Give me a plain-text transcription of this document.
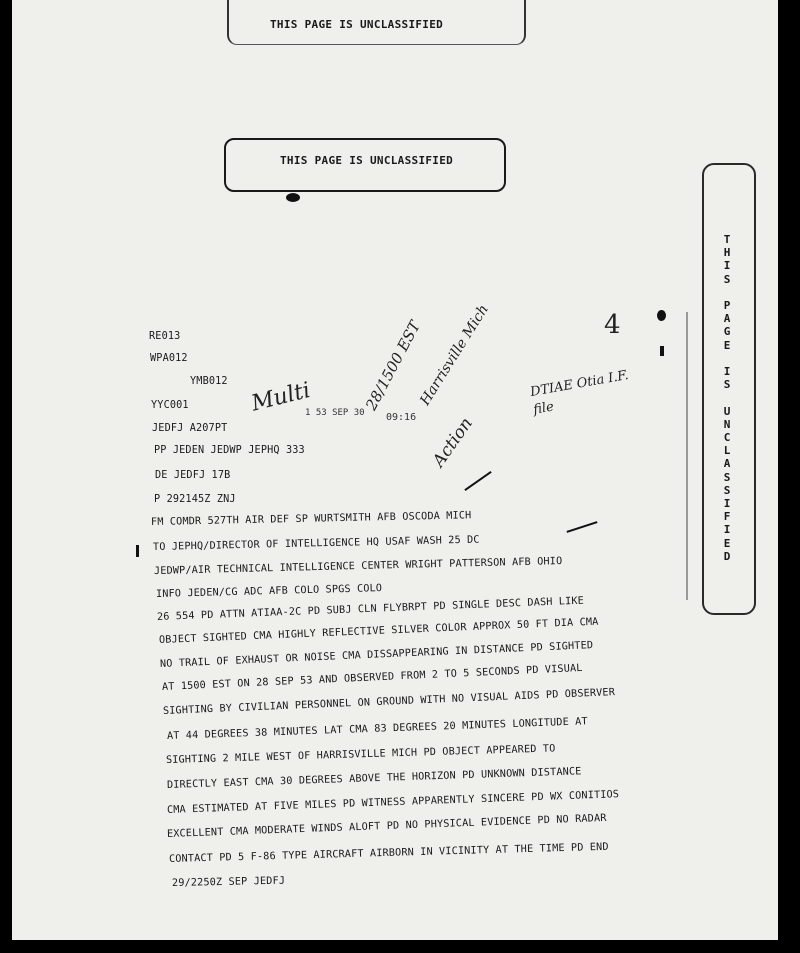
THIS PAGE IS UNCLASSIFIED
THIS PAGE IS UNCLASSIFIED
T
H
I
S

P
A
G
E

I
S

U
N
C
L
A
S
S
I
F
I
E
D
RE013
WPA012
YMB012
YYC001
JEDFJ A207PT
PP JEDEN JEDWP JEPHQ 333
DE JEDFJ 17B
P 292145Z ZNJ
1 53 SEP 30 09:16
Multi	28/1500 EST
Harrisville Mich	DTIAE Otia I.F. file
Action
4
FM COMDR 527TH AIR DEF SP WURTSMITH AFB OSCODA MICH
TO JEPHQ/DIRECTOR OF INTELLIGENCE HQ USAF WASH 25 DC
JEDWP/AIR TECHNICAL INTELLIGENCE CENTER WRIGHT PATTERSON AFB OHIO
INFO JEDEN/CG ADC AFB COLO SPGS COLO
26 554 PD ATTN ATIAA-2C PD SUBJ CLN FLYBRPT PD SINGLE DESC DASH LIKE
OBJECT SIGHTED CMA HIGHLY REFLECTIVE SILVER COLOR APPROX 50 FT DIA CMA
NO TRAIL OF EXHAUST OR NOISE CMA DISSAPPEARING IN DISTANCE PD SIGHTED
AT 1500 EST ON 28 SEP 53 AND OBSERVED FROM 2 TO 5 SECONDS PD VISUAL
SIGHTING BY CIVILIAN PERSONNEL ON GROUND WITH NO VISUAL AIDS PD OBSERVER
AT 44 DEGREES 38 MINUTES LAT CMA 83 DEGREES 20 MINUTES LONGITUDE AT
SIGHTING 2 MILE WEST OF HARRISVILLE MICH PD OBJECT APPEARED TO
DIRECTLY EAST CMA 30 DEGREES ABOVE THE HORIZON PD UNKNOWN DISTANCE
CMA ESTIMATED AT FIVE MILES PD WITNESS APPARENTLY SINCERE PD WX CONITIOS
EXCELLENT CMA MODERATE WINDS ALOFT PD NO PHYSICAL EVIDENCE PD NO RADAR
CONTACT PD 5 F-86 TYPE AIRCRAFT AIRBORN IN VICINITY AT THE TIME PD END
29/2250Z SEP JEDFJ
